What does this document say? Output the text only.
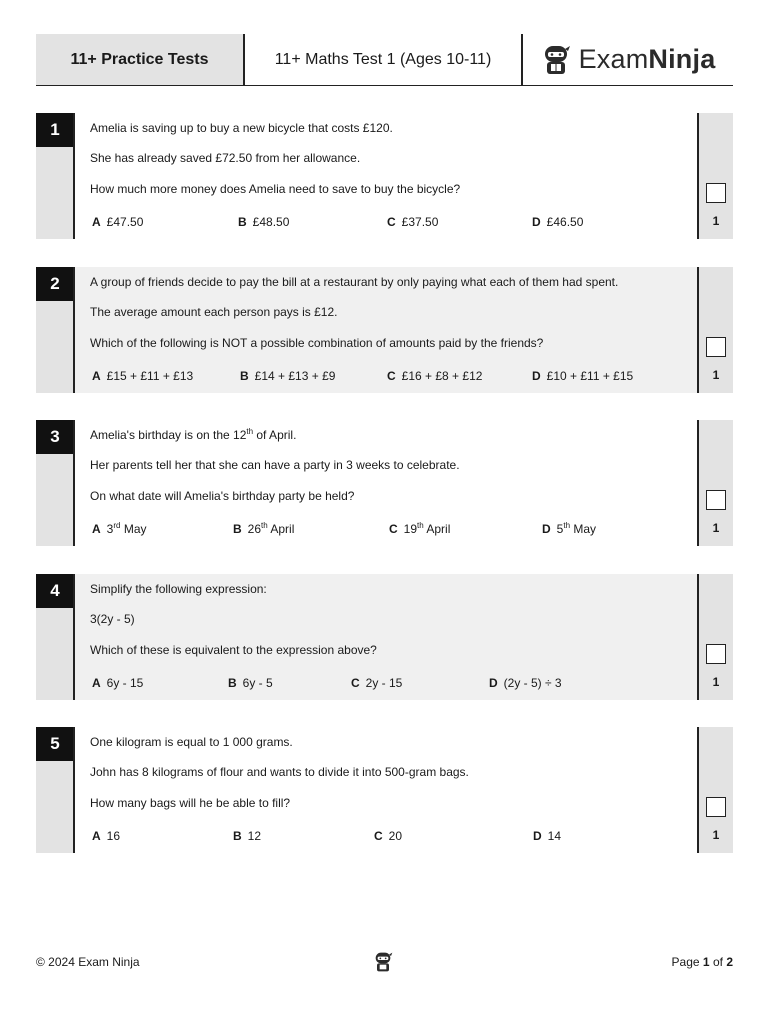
11+ Practice Tests	11+ Maths Test 1 (Ages 10-11)	ExamNinja
1	Amelia is saving up to buy a new bicycle that costs £120.
She has already saved £72.50 from her allowance.
How much more money does Amelia need to save to buy the bicycle?
A £47.50	B £48.50	C £37.50	D £46.50	1
2	A group of friends decide to pay the bill at a restaurant by only paying what each of them had spent.
The average amount each person pays is £12.
Which of the following is NOT a possible combination of amounts paid by the friends?
A £15 + £11 + £13	B £14 + £13 + £9	C £16 + £8 + £12	D £10 + £11 + £15	1
3	Amelia's birthday is on the 12th of April.
Her parents tell her that she can have a party in 3 weeks to celebrate.
On what date will Amelia's birthday party be held?
A 3rd May	B 26th April	C 19th April	D 5th May	1
4	Simplify the following expression:
3(2y - 5)
Which of these is equivalent to the expression above?
A 6y - 15	B 6y - 5	C 2y - 15	D (2y - 5) ÷ 3	1
5	One kilogram is equal to 1 000 grams.
John has 8 kilograms of flour and wants to divide it into 500-gram bags.
How many bags will he be able to fill?
A 16	B 12	C 20	D 14	1
© 2024 Exam Ninja	Page 1 of 2
